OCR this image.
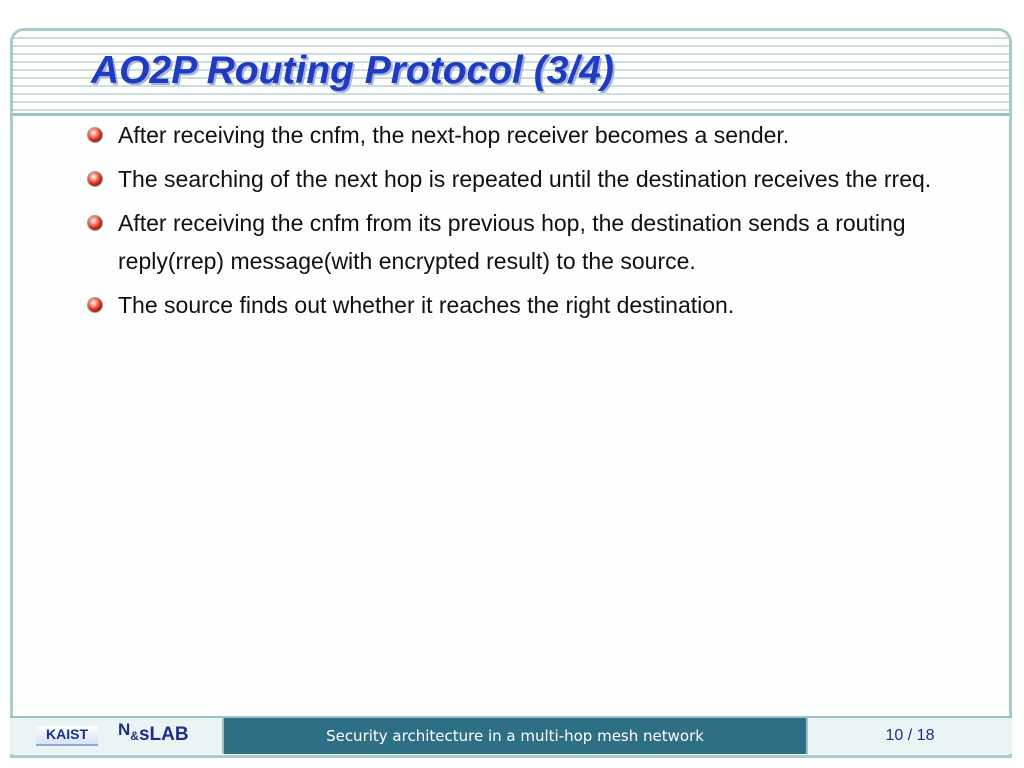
AO2P Routing Protocol (3/4)
After receiving the cnfm, the next-hop receiver becomes a sender.
The searching of the next hop is repeated until the destination receives the rreq.
After receiving the cnfm from its previous hop, the destination sends a routing reply(rrep) message(with encrypted result) to the source.
The source finds out whether it reaches the right destination.
KAIST	N&sLAB	Security architecture in a multi-hop mesh network	10 / 18
